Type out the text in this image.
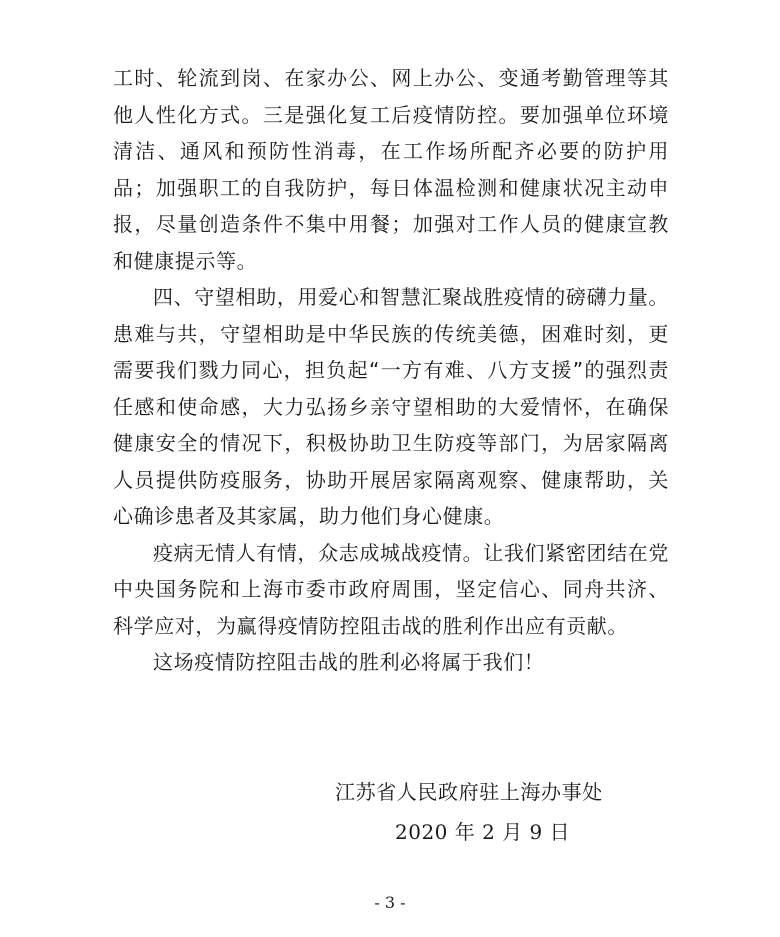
工时、轮流到岗、在家办公、网上办公、变通考勤管理等其他人性化方式。三是强化复工后疫情防控。要加强单位环境清洁、通风和预防性消毒，在工作场所配齐必要的防护用品；加强职工的自我防护，每日体温检测和健康状况主动申报，尽量创造条件不集中用餐；加强对工作人员的健康宣教和健康提示等。

四、守望相助，用爱心和智慧汇聚战胜疫情的磅礴力量。患难与共，守望相助是中华民族的传统美德，困难时刻，更需要我们戮力同心，担负起“一方有难、八方支援”的强烈责任感和使命感，大力弘扬乡亲守望相助的大爱情怀，在确保健康安全的情况下，积极协助卫生防疫等部门，为居家隔离人员提供防疫服务，协助开展居家隔离观察、健康帮助，关心确诊患者及其家属，助力他们身心健康。

疫病无情人有情，众志成城战疫情。让我们紧密团结在党中央国务院和上海市委市政府周围，坚定信心、同舟共济、科学应对，为赢得疫情防控阻击战的胜利作出应有贡献。

这场疫情防控阻击战的胜利必将属于我们！

江苏省人民政府驻上海办事处
2020 年 2 月 9 日
- 3 -
